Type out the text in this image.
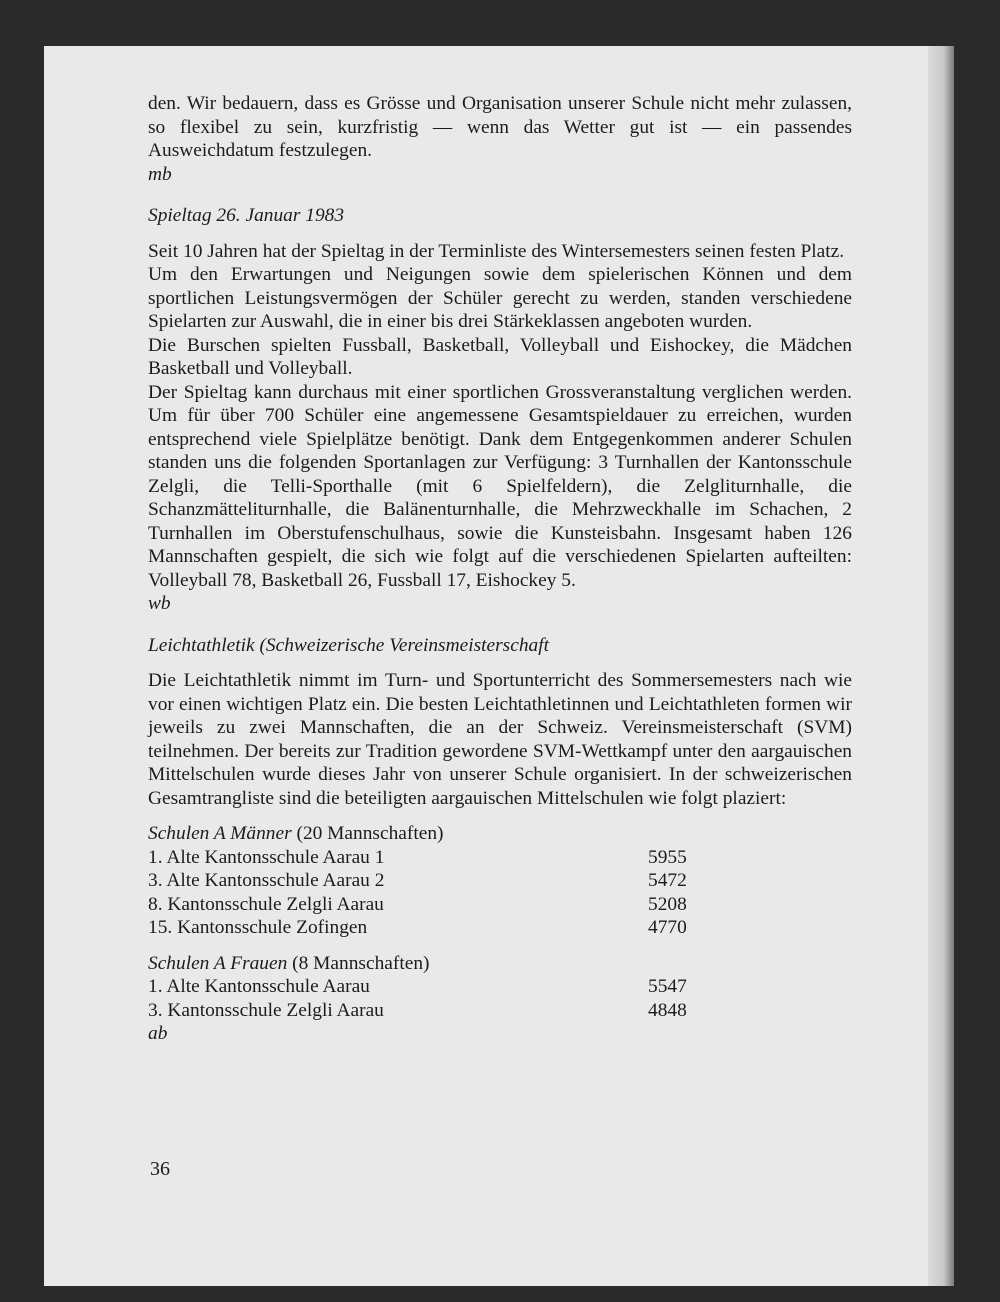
den. Wir bedauern, dass es Grösse und Organisation unserer Schule nicht mehr zulassen, so flexibel zu sein, kurzfristig — wenn das Wetter gut ist — ein passendes Ausweichdatum festzulegen.

mb

Spieltag 26. Januar 1983

Seit 10 Jahren hat der Spieltag in der Terminliste des Wintersemesters seinen festen Platz.

Um den Erwartungen und Neigungen sowie dem spielerischen Können und dem sportlichen Leistungsvermögen der Schüler gerecht zu werden, standen verschiedene Spielarten zur Auswahl, die in einer bis drei Stärkeklassen angeboten wurden.

Die Burschen spielten Fussball, Basketball, Volleyball und Eishockey, die Mädchen Basketball und Volleyball.

Der Spieltag kann durchaus mit einer sportlichen Grossveranstaltung verglichen werden. Um für über 700 Schüler eine angemessene Gesamtspieldauer zu erreichen, wurden entsprechend viele Spielplätze benötigt. Dank dem Entgegenkommen anderer Schulen standen uns die folgenden Sportanlagen zur Verfügung: 3 Turnhallen der Kantonsschule Zelgli, die Telli-Sporthalle (mit 6 Spielfeldern), die Zelgliturnhalle, die Schanzmätteliturnhalle, die Balänenturnhalle, die Mehrzweckhalle im Schachen, 2 Turnhallen im Oberstufenschulhaus, sowie die Kunsteisbahn. Insgesamt haben 126 Mannschaften gespielt, die sich wie folgt auf die verschiedenen Spielarten aufteilten: Volleyball 78, Basketball 26, Fussball 17, Eishockey 5.

wb

Leichtathletik (Schweizerische Vereinsmeisterschaft

Die Leichtathletik nimmt im Turn- und Sportunterricht des Sommersemesters nach wie vor einen wichtigen Platz ein. Die besten Leichtathletinnen und Leichtathleten formen wir jeweils zu zwei Mannschaften, die an der Schweiz. Vereinsmeisterschaft (SVM) teilnehmen. Der bereits zur Tradition gewordene SVM-Wettkampf unter den aargauischen Mittelschulen wurde dieses Jahr von unserer Schule organisiert. In der schweizerischen Gesamtrangliste sind die beteiligten aargauischen Mittelschulen wie folgt plaziert:

Schulen A Männer (20 Mannschaften)
1. Alte Kantonsschule Aarau 1	5955
3. Alte Kantonsschule Aarau 2	5472
8. Kantonsschule Zelgli Aarau	5208
15. Kantonsschule Zofingen	4770
Schulen A Frauen (8 Mannschaften)
1. Alte Kantonsschule Aarau	5547
3. Kantonsschule Zelgli Aarau	4848

ab

36
